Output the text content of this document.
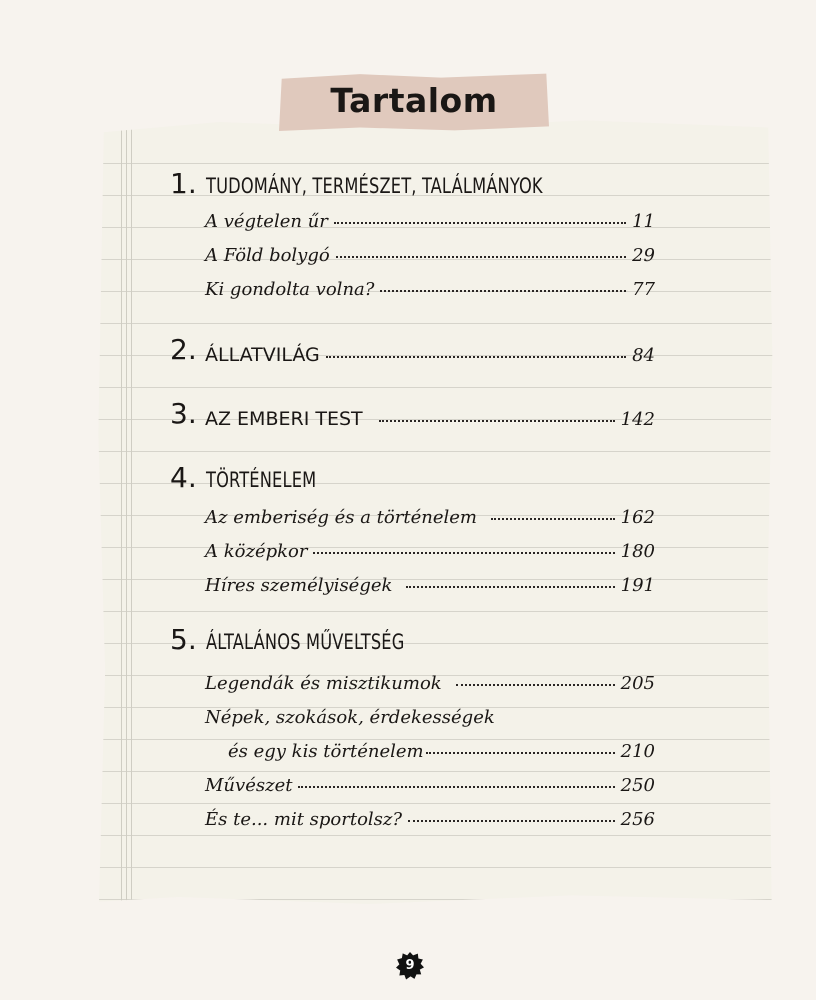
Tartalom
1. TUDOMÁNY, TERMÉSZET, TALÁLMÁNYOK
A végtelen űr	11
A Föld bolygó	29
Ki gondolta volna?	77
2. ÁLLATVILÁG	84
3. AZ EMBERI TEST	142
4. TÖRTÉNELEM
Az emberiség és a történelem	162
A középkor	180
Híres személyiségek	191
5. ÁLTALÁNOS MŰVELTSÉG
Legendák és misztikumok	205
Népek, szokások, érdekességek
és egy kis történelem	210
Művészet	250
És te... mit sportolsz?	256
9
